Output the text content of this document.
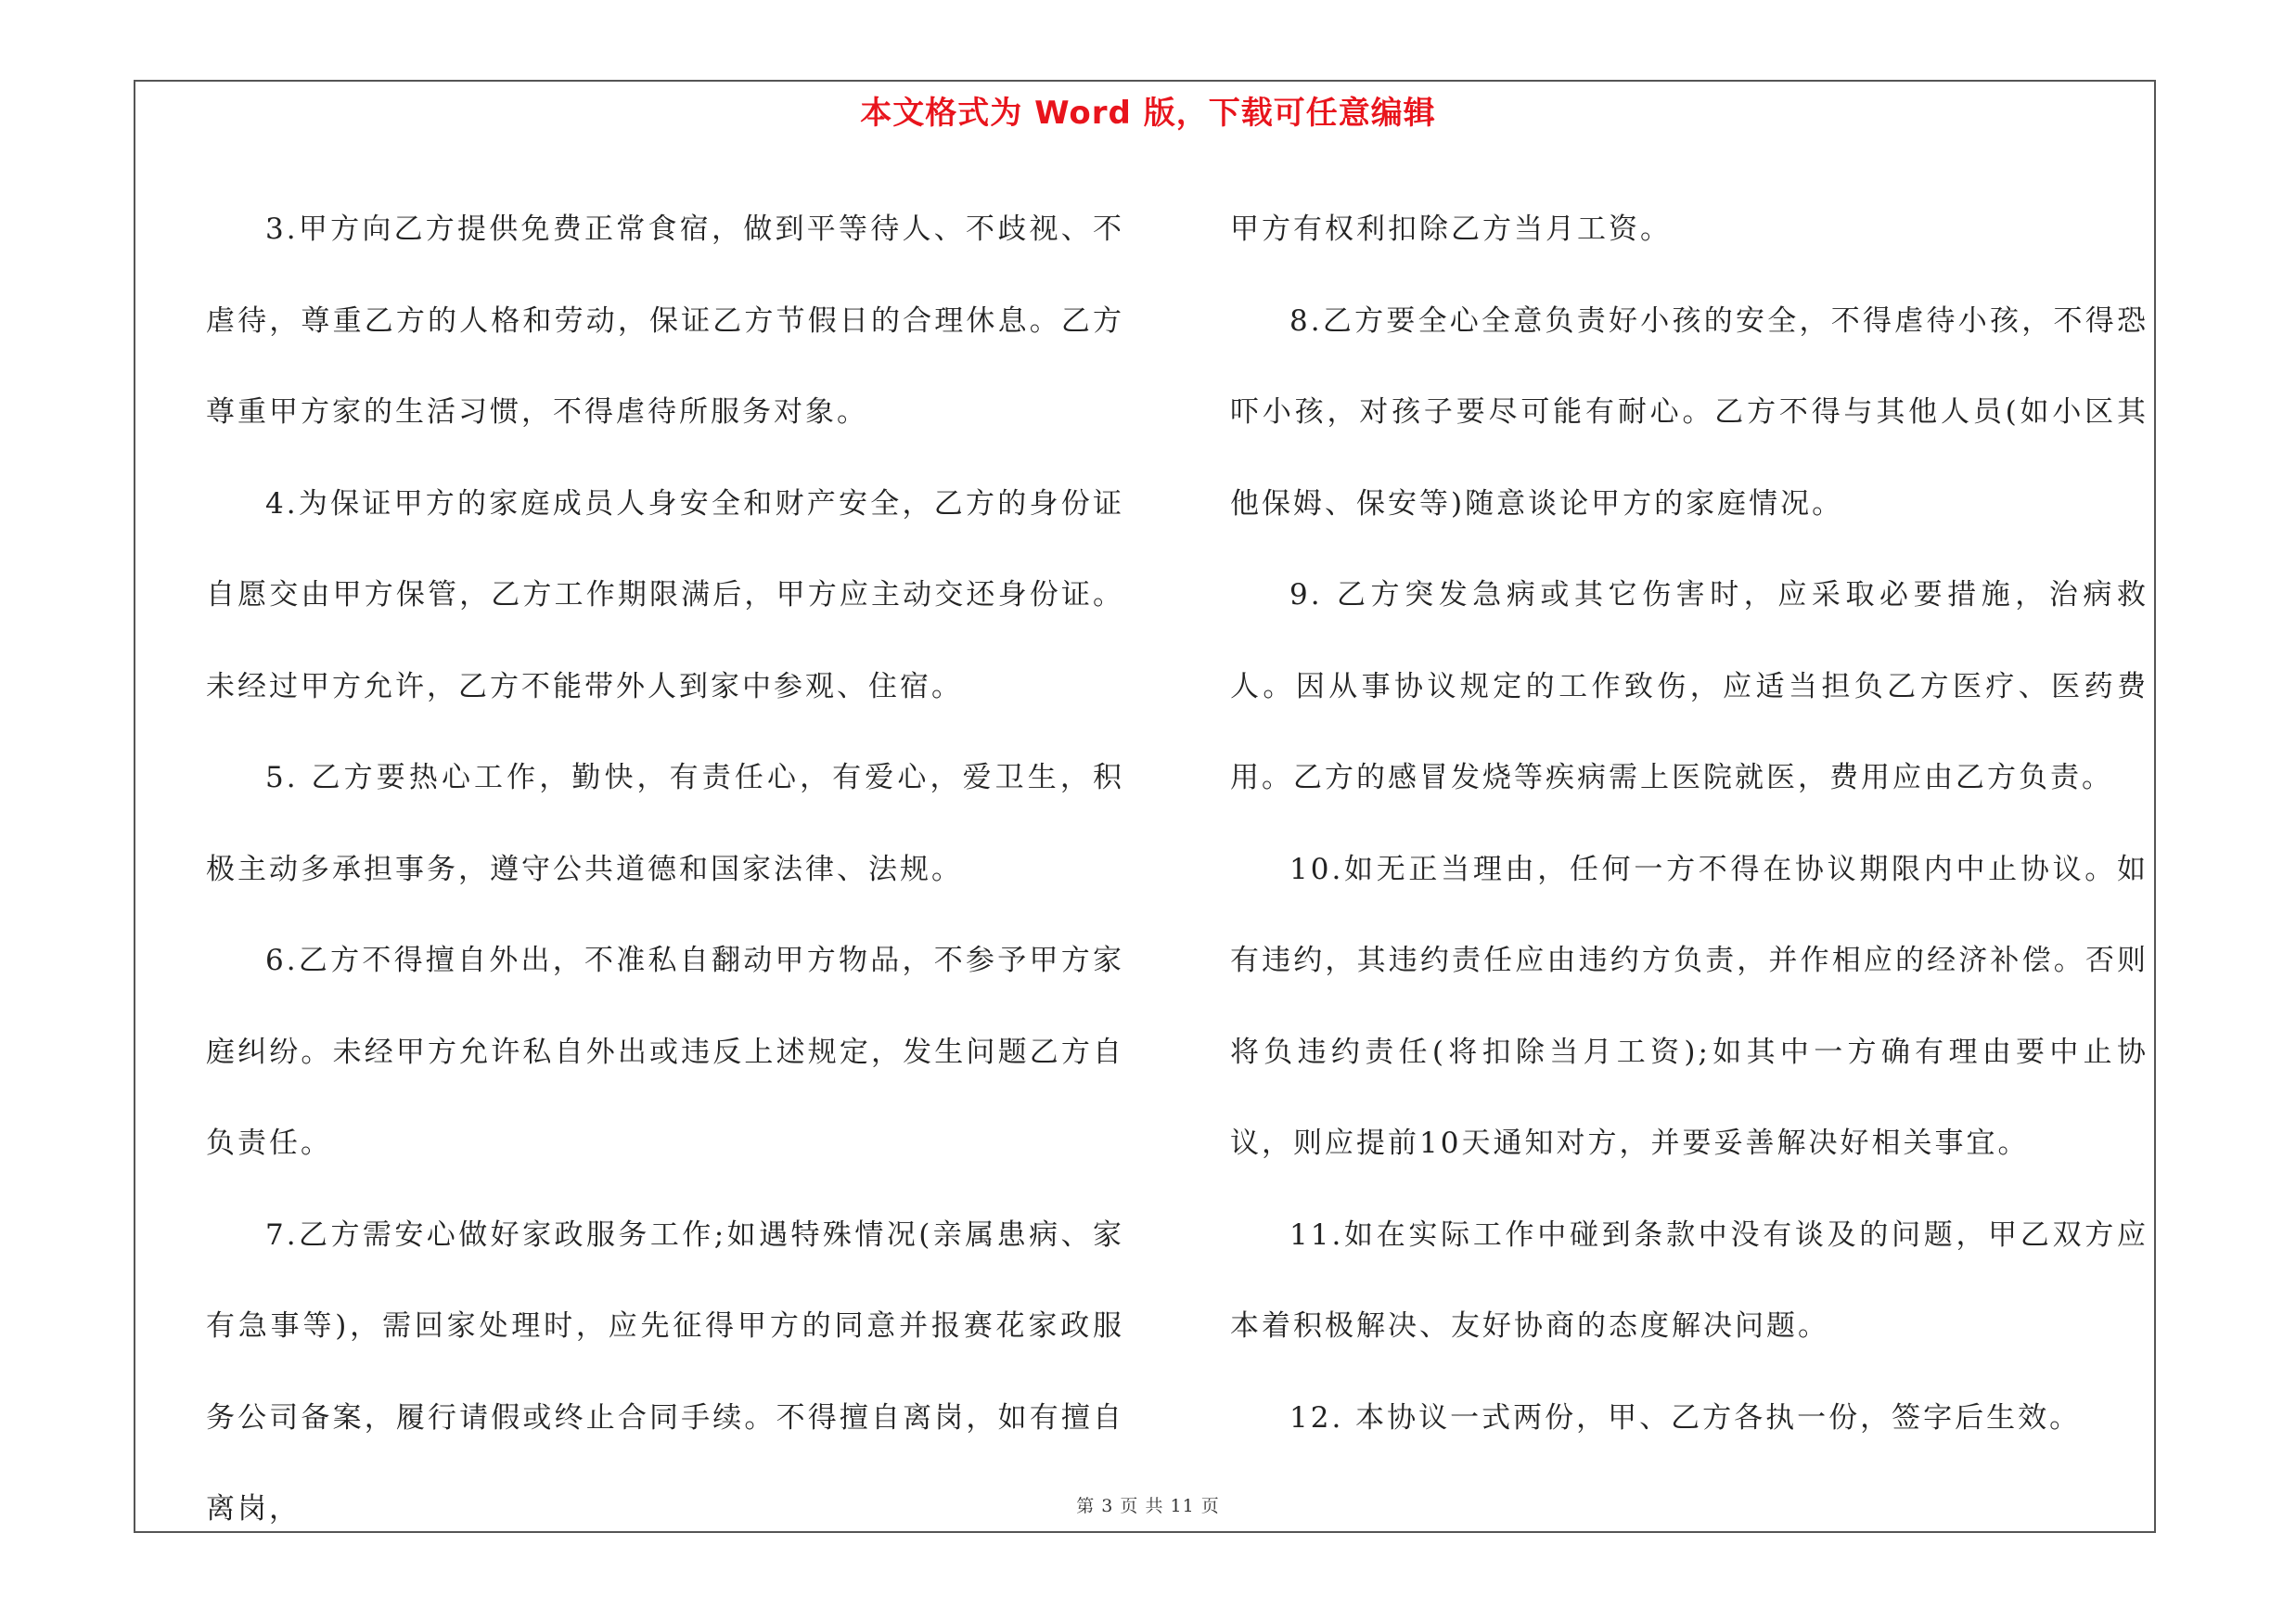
本文格式为 Word 版，下载可任意编辑

3.甲方向乙方提供免费正常食宿，做到平等待人、不歧视、不虐待，尊重乙方的人格和劳动，保证乙方节假日的合理休息。乙方尊重甲方家的生活习惯，不得虐待所服务对象。

4.为保证甲方的家庭成员人身安全和财产安全，乙方的身份证自愿交由甲方保管，乙方工作期限满后，甲方应主动交还身份证。未经过甲方允许，乙方不能带外人到家中参观、住宿。

5. 乙方要热心工作，勤快，有责任心，有爱心，爱卫生，积极主动多承担事务，遵守公共道德和国家法律、法规。

6.乙方不得擅自外出，不准私自翻动甲方物品，不参予甲方家庭纠纷。未经甲方允许私自外出或违反上述规定，发生问题乙方自负责任。

7.乙方需安心做好家政服务工作;如遇特殊情况(亲属患病、家有急事等)，需回家处理时，应先征得甲方的同意并报赛花家政服务公司备案，履行请假或终止合同手续。不得擅自离岗，如有擅自离岗，

甲方有权利扣除乙方当月工资。

8.乙方要全心全意负责好小孩的安全，不得虐待小孩，不得恐吓小孩，对孩子要尽可能有耐心。乙方不得与其他人员(如小区其他保姆、保安等)随意谈论甲方的家庭情况。

9. 乙方突发急病或其它伤害时，应采取必要措施，治病救人。因从事协议规定的工作致伤，应适当担负乙方医疗、医药费用。乙方的感冒发烧等疾病需上医院就医，费用应由乙方负责。

10.如无正当理由，任何一方不得在协议期限内中止协议。如有违约，其违约责任应由违约方负责，并作相应的经济补偿。否则将负违约责任(将扣除当月工资);如其中一方确有理由要中止协议，则应提前10天通知对方，并要妥善解决好相关事宜。

11.如在实际工作中碰到条款中没有谈及的问题，甲乙双方应本着积极解决、友好协商的态度解决问题。

12. 本协议一式两份，甲、乙方各执一份，签字后生效。

第 3 页 共 11 页
